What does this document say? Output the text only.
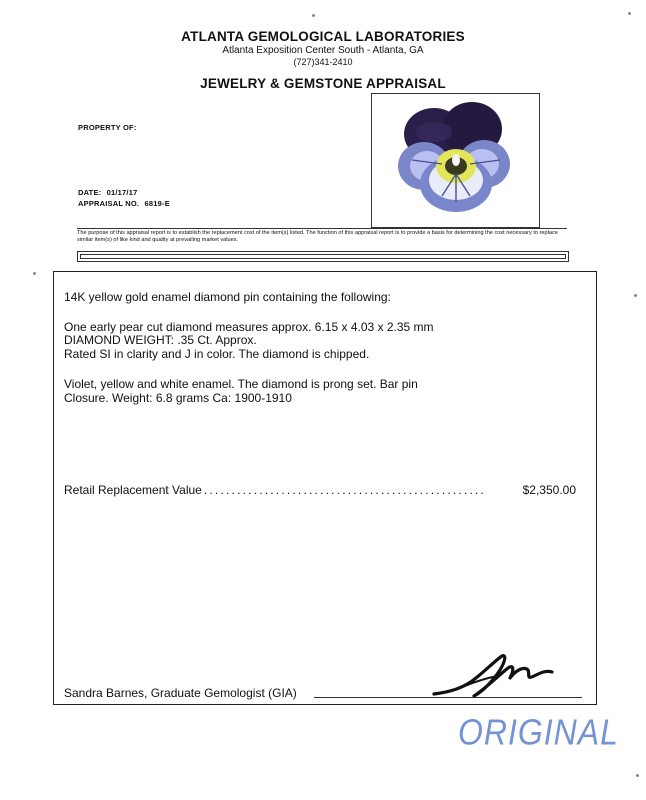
ATLANTA GEMOLOGICAL LABORATORIES
Atlanta Exposition Center South - Atlanta, GA
(727)341-2410
JEWELRY & GEMSTONE APPRAISAL
PROPERTY OF:
DATE: 01/17/17
APPRAISAL NO. 6819-E
The purpose of this appraisal report is to establish the replacement cost of the item(s) listed. The function of this appraisal report is to provide a basis for determining the cost necessary to replace similar item(s) of like kind and quality at prevailing market values.
14K yellow gold enamel diamond pin containing the following:
One early pear cut diamond measures approx. 6.15 x 4.03 x 2.35 mm
DIAMOND WEIGHT: .35 Ct. Approx.
Rated SI in clarity and J in color. The diamond is chipped.
Violet, yellow and white enamel. The diamond is prong set. Bar pin
Closure. Weight: 6.8 grams Ca: 1900-1910
Retail Replacement Value ...................................................	$2,350.00
Sandra Barnes, Graduate Gemologist (GIA)
ORIGINAL
